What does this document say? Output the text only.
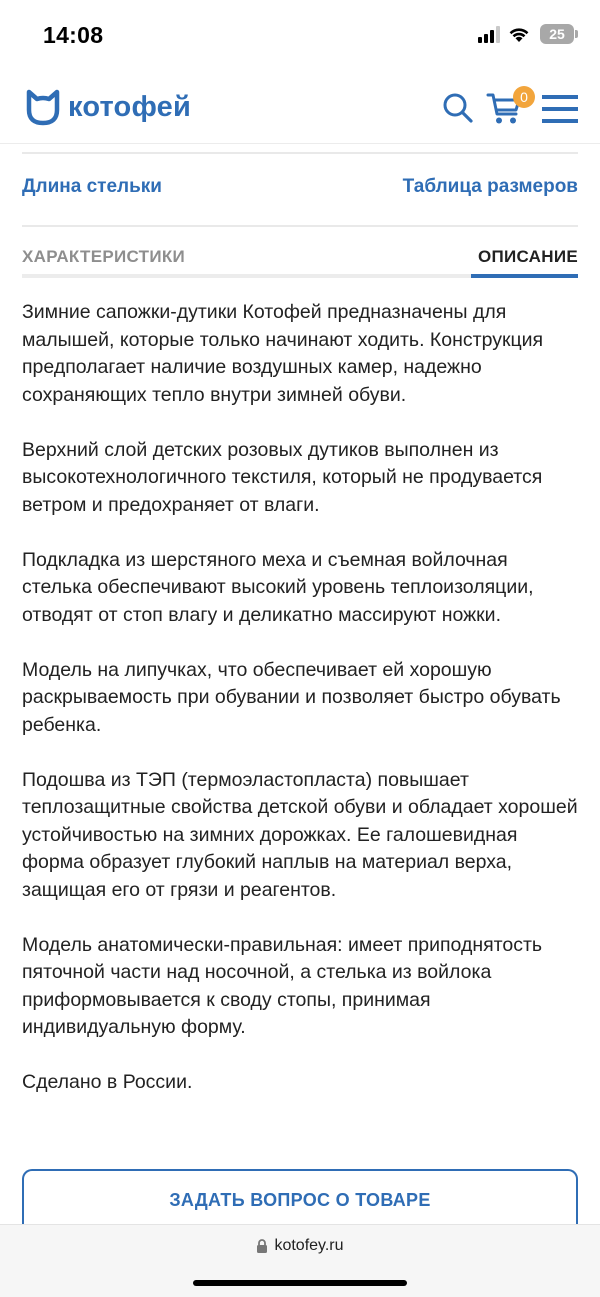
14:08	25
котофей	0
Длина стельки	Таблица размеров
ХАРАКТЕРИСТИКИ	ОПИСАНИЕ

Зимние сапожки-дутики Котофей предназначены для малышей, которые только начинают ходить. Конструкция предполагает наличие воздушных камер, надежно сохраняющих тепло внутри зимней обуви.

Верхний слой детских розовых дутиков выполнен из высокотехнологичного текстиля, который не продувается ветром и предохраняет от влаги.

Подкладка из шерстяного меха и съемная войлочная стелька обеспечивают высокий уровень теплоизоляции, отводят от стоп влагу и деликатно массируют ножки.

Модель на липучках, что обеспечивает ей хорошую раскрываемость при обувании и позволяет быстро обувать ребенка.

Подошва из ТЭП (термоэластопласта) повышает теплозащитные свойства детской обуви и обладает хорошей устойчивостью на зимних дорожках. Ее галошевидная форма образует глубокий наплыв на материал верха, защищая его от грязи и реагентов.

Модель анатомически-правильная: имеет приподнятость пяточной части над носочной, а стелька из войлока приформовывается к своду стопы, принимая индивидуальную форму.

Сделано в России.

ЗАДАТЬ ВОПРОС О ТОВАРЕ
kotofey.ru
